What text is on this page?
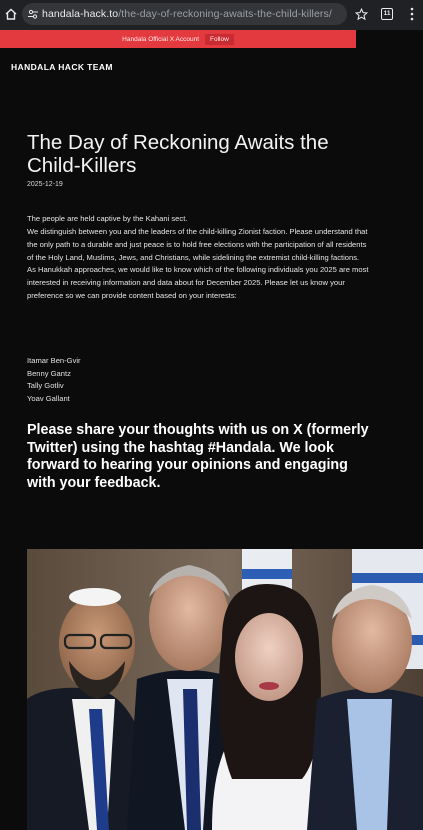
handala-hack.to/the-day-of-reckoning-awaits-the-child-killers/	11
Handala Official X Account	Follow
HANDALA HACK TEAM
The Day of Reckoning Awaits the Child-Killers
2025-12-19
The people are held captive by the Kahani sect.
We distinguish between you and the leaders of the child-killing Zionist faction. Please understand that the only path to a durable and just peace is to hold free elections with the participation of all residents of the Holy Land, Muslims, Jews, and Christians, while sidelining the extremist child-killing factions.

As Hanukkah approaches, we would like to know which of the following individuals you 2025 are most interested in receiving information and data about for December 2025. Please let us know your preference so we can provide content based on your interests:

Itamar Ben-Gvir
Benny Gantz
Tally Gotliv
Yoav Gallant

Please share your thoughts with us on X (formerly Twitter) using the hashtag #Handala. We look forward to hearing your opinions and engaging with your feedback.
